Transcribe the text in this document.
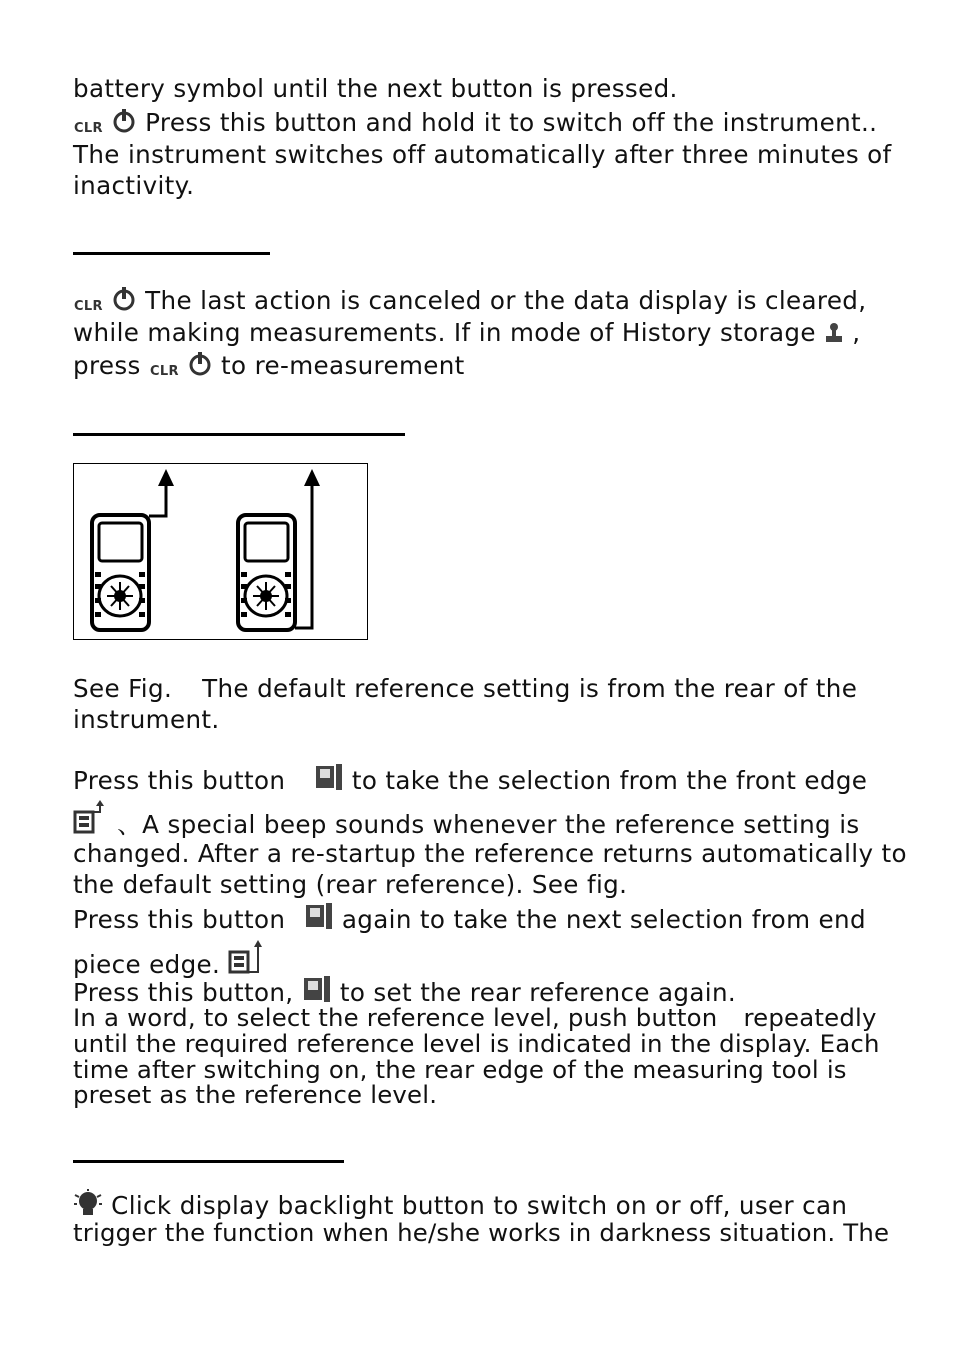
battery symbol until the next button is pressed.

CLR Press this button and hold it to switch off the instrument..

The instrument switches off automatically after three minutes of

inactivity.

CLR The last action is canceled or the data display is cleared,

while making measurements. If in mode of History storage ,

press CLR to re-measurement

See Fig. The default reference setting is from the rear of the

instrument.

Press this button	to take the selection from the front edge

、A special beep sounds whenever the reference setting is

changed. After a re-startup the reference returns automatically to

the default setting (rear reference). See fig.

Press this button again to take the next selection from end

piece edge.

Press this button, to set the rear reference again.

In a word, to select the reference level, push button repeatedly

until the required reference level is indicated in the display. Each

time after switching on, the rear edge of the measuring tool is

preset as the reference level.

Click display backlight button to switch on or off, user can

trigger the function when he/she works in darkness situation. The
